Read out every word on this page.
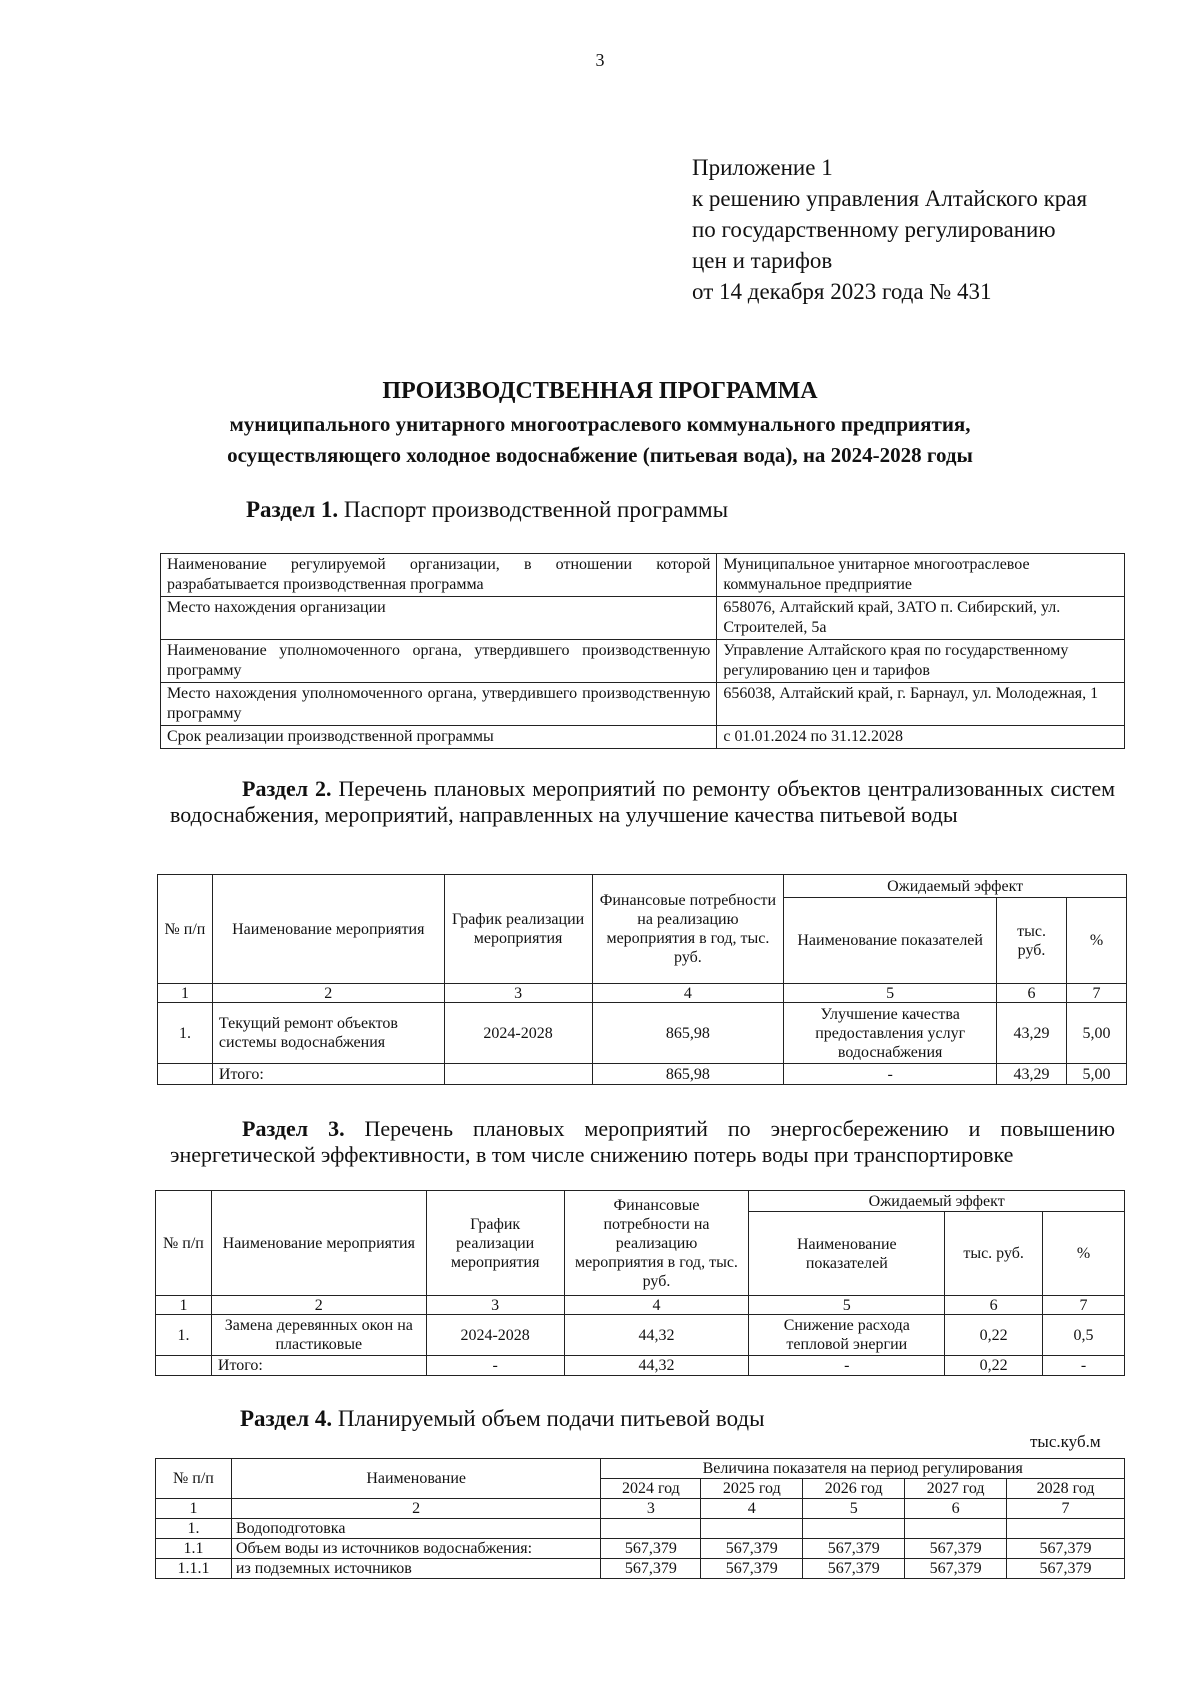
3
Приложение 1
к решению управления Алтайского края
по государственному регулированию
цен и тарифов
от 14 декабря 2023 года № 431
ПРОИЗВОДСТВЕННАЯ ПРОГРАММА
муниципального унитарного многоотраслевого коммунального предприятия,
осуществляющего холодное водоснабжение (питьевая вода), на 2024-2028 годы
Раздел 1. Паспорт производственной программы
Наименование регулируемой организации, в отношении которой разрабатывается производственная программа	Муниципальное унитарное многоотраслевое коммунальное предприятие
Место нахождения организации	658076, Алтайский край, ЗАТО п. Сибирский, ул. Строителей, 5а
Наименование уполномоченного органа, утвердившего производственную программу	Управление Алтайского края по государственному регулированию цен и тарифов
Место нахождения уполномоченного органа, утвердившего производственную программу	656038, Алтайский край, г. Барнаул, ул. Молодежная, 1
Срок реализации производственной программы	с 01.01.2024 по 31.12.2028
Раздел 2. Перечень плановых мероприятий по ремонту объектов централизованных систем водоснабжения, мероприятий, направленных на улучшение качества питьевой воды
№ п/п	Наименование мероприятия	График реализации мероприятия	Финансовые потребности на реализацию мероприятия в год, тыс. руб.	Ожидаемый эффект		
				Наименование показателей	тыс. руб.	%
1	2	3	4	5	6	7
1.	Текущий ремонт объектов системы водоснабжения	2024-2028	865,98	Улучшение качества предоставления услуг водоснабжения	43,29	5,00
	Итого:		865,98	-	43,29	5,00
Раздел 3. Перечень плановых мероприятий по энергосбережению и повышению энергетической эффективности, в том числе снижению потерь воды при транспортировке
№ п/п	Наименование мероприятия	График реализации мероприятия	Финансовые потребности на реализацию мероприятия в год, тыс. руб.	Ожидаемый эффект		
				Наименование показателей	тыс. руб.	%
1	2	3	4	5	6	7
1.	Замена деревянных окон на пластиковые	2024-2028	44,32	Снижение расхода тепловой энергии	0,22	0,5
	Итого:	-	44,32	-	0,22	-
Раздел 4. Планируемый объем подачи питьевой воды
тыс.куб.м
№ п/п	Наименование	Величина показателя на период регулирования				
		2024 год	2025 год	2026 год	2027 год	2028 год
1	2	3	4	5	6	7
1.	Водоподготовка					
1.1	Объем воды из источников водоснабжения:	567,379	567,379	567,379	567,379	567,379
1.1.1	из подземных источников	567,379	567,379	567,379	567,379	567,379
